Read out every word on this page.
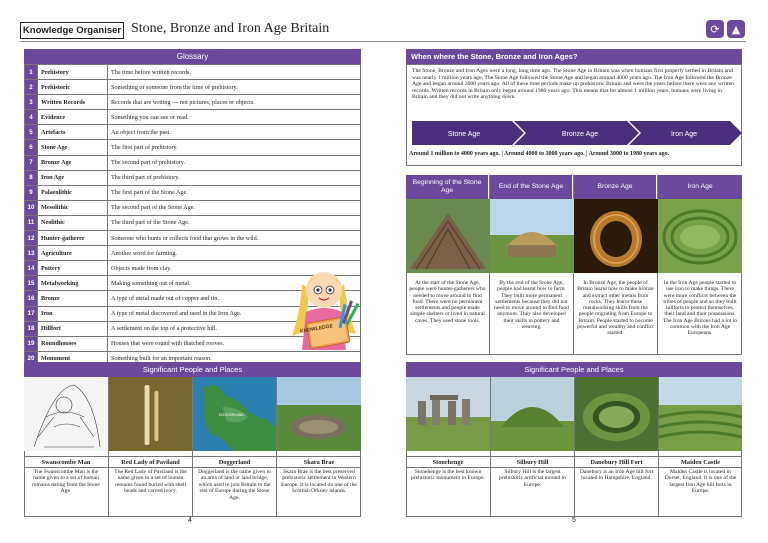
Knowledge Organiser Stone, Bronze and Iron Age Britain	⟳	▲
Glossary
1	Prehistory	The time before written records.
2	Prehistoric	Something or someone from the time of prehistory.
3	Written Records	Records that are writing — not pictures, places or objects.
4	Evidence	Something you can see or read.
5	Artefacts	An object from the past.
6	Stone Age	The first part of prehistory.
7	Bronze Age	The second part of prehistory.
8	Iron Age	The third part of prehistory.
9	Palaeolithic	The first part of the Stone Age.
10	Mesolithic	The second part of the Stone Age.
11	Neolithic	The third part of the Stone Age.
12	Hunter-gatherer	Someone who hunts or collects food that grows in the wild.
13	Agriculture	Another word for farming.
14	Pottery	Objects made from clay.
15	Metalworking	Making something out of metal.
16	Bronze	A type of metal made out of copper and tin.
17	Iron	A type of metal discovered and used in the Iron Age.
18	Hillfort	A settlement on the top of a protective hill.
19	Roundhouses	Houses that were round with thatched rooves.
20	Monument	Something built for an important reason.
KNOWLEDGE
Significant People and Places
Swanscombe Man
The Swanscombe Man is the name given to a set of human remains dating from the Stone Age.
Red Lady of Paviland
The Red Lady of Paviland is the name given to a set of human remains found buried with shell beads and carved ivory.
DOGGERLAND
Doggerland
Doggerland is the name given to an area of land or land bridge, which used to join Britain to the rest of Europe during the Stone Age.
Skara Brae
Skara Brae is the best preserved prehistoric settlement in Western Europe. It is located on one of the Scottish Orkney islands.
4	5
When where the Stone, Bronze and Iron Ages?
The Stone, Bronze and Iron Ages were a long, long time ago. The Stone Age in Britain was when humans first properly settled in Britain and was nearly 1 million years ago. The Stone Age followed the Stone Age and began around 4000 years ago. The Iron Age followed the Bronze Age and began around 3000 years ago. All of these time periods make up prehistoric Britain and were the years before there were any written records. Written records in Britain only began around 1980 years ago. This means that for almost 1 million years, humans were living in Britain and they did not write anything down.
Stone Age	Bronze Age	Iron Age
Around 1 million to 4000 years ago. | Around 4000 to 3000 years ago. | Around 3000 to 1980 years ago.
Beginning of the Stone Age
At the start of the Stone Age, people were hunter-gatherers who needed to move around to find food. There were no permanent settlements and people made simple shelters or lived in natural caves. They used stone tools.
End of the Stone Age
By the end of the Stone Age, people had learnt how to farm. They built more permanent settlements because they did not need to move around to find food anymore. They also developed their skills in pottery and weaving.
Bronze Age
In Bronze Age, the people of Britain learnt how to make bronze and extract other metals from rocks. They learnt these metalworking skills from the people migrating from Europe to Britain. People started to become powerful and wealthy and conflict started.
Iron Age
In the Iron Age people started to use iron to make things. There were more conflicts between the tribes of people and so they built hillforts to protect themselves, their land and their possessions. The Iron Age Britons had a lot in common with the Iron Age Europeans.
Significant People and Places
Stonehenge
Stonehenge is the best known prehistoric monument in Europe.
Silbury Hill
Silbury Hill is the largest prehistoric artificial mound in Europe.
Danebury Hill Fort
Danebury is an Iron Age hill fort located in Hampshire, England.
Maiden Castle
Maiden Castle is located in Dorset, England. It is one of the largest Iron Age hill forts in Europe.
